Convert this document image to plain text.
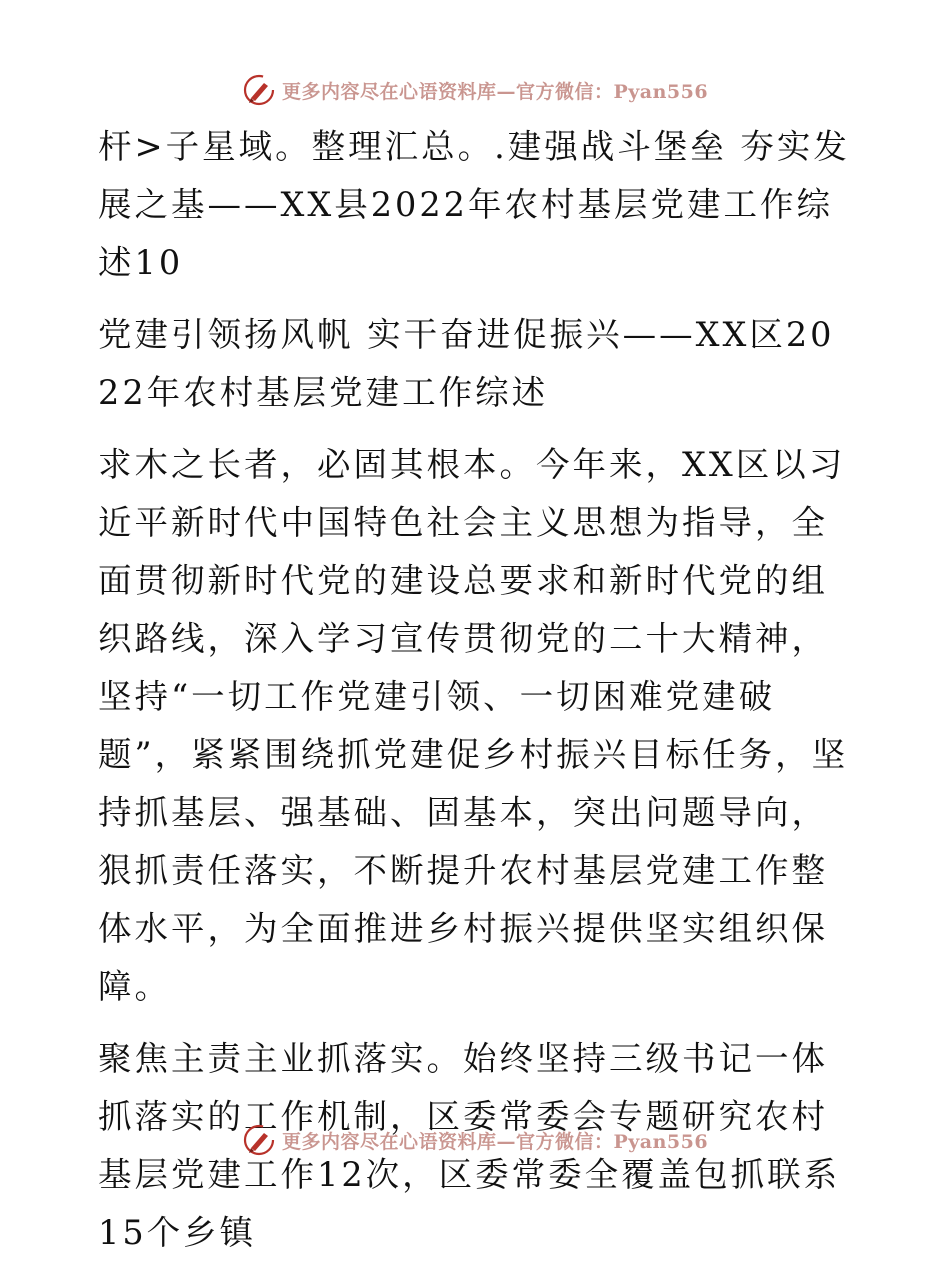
更多内容尽在心语资料库—官方微信：Pyan556

杆>子星域。整理汇总。.建强战斗堡垒 夯实发展之基——XX县2022年农村基层党建工作综述10

党建引领扬风帆 实干奋进促振兴——XX区2022年农村基层党建工作综述

求木之长者，必固其根本。今年来，XX区以习近平新时代中国特色社会主义思想为指导，全面贯彻新时代党的建设总要求和新时代党的组织路线，深入学习宣传贯彻党的二十大精神，坚持“一切工作党建引领、一切困难党建破题”，紧紧围绕抓党建促乡村振兴目标任务，坚持抓基层、强基础、固基本，突出问题导向，狠抓责任落实，不断提升农村基层党建工作整体水平，为全面推进乡村振兴提供坚实组织保障。

聚焦主责主业抓落实。始终坚持三级书记一体抓落实的工作机制，区委常委会专题研究农村基层党建工作12次，区委常委全覆盖包抓联系15个乡镇

更多内容尽在心语资料库—官方微信：Pyan556
